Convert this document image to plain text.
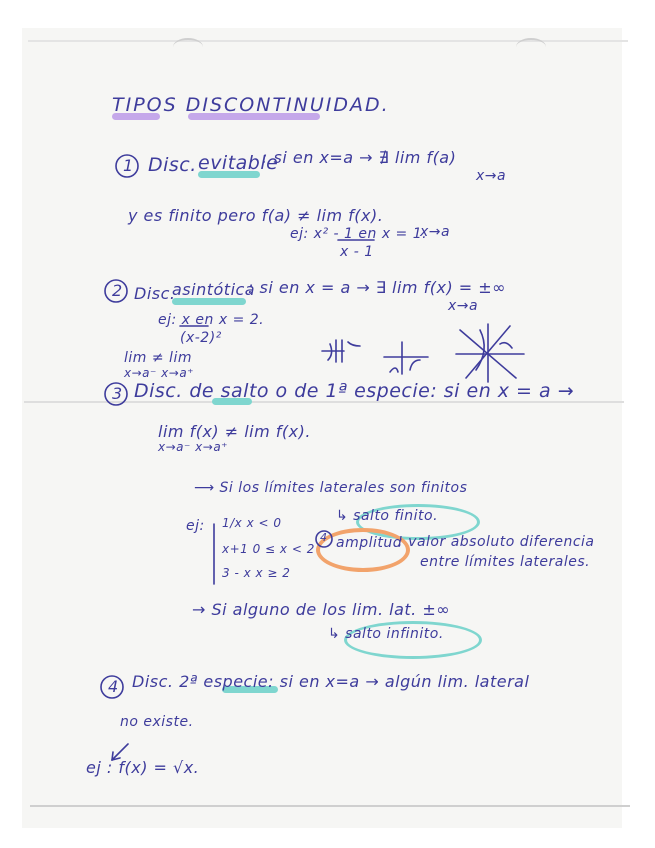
TIPOS DISCONTINUIDAD.
1 Disc. evitable
: si en x=a → ∄ lim f(a)
x→a
y es finito pero f(a) ≠ lim f(x).
x→a
ej: x² - 1 en x = 1.
x - 1
2 Disc.
asintótica
: si en x = a → ∃ lim f(x) = ±∞
x→a
ej: x en x = 2.
(x-2)²
lim ≠ lim
x→a⁻ x→a⁺
3 Disc. de salto o de 1ª especie: si en x = a →
lim f(x) ≠ lim f(x).
x→a⁻ x→a⁺
⟶ Si los límites laterales son finitos
↳ salto finito.
ej: 1/x x < 0
x+1 0 ≤ x < 2
3 - x x ≥ 2
4 amplitud
: valor absoluto diferencia
entre límites laterales.
→ Si alguno de los lim. lat. ±∞
↳ salto infinito.
4 Disc. 2ª especie: si en x=a → algún lim. lateral
no existe.
ej : f(x) = √x.
